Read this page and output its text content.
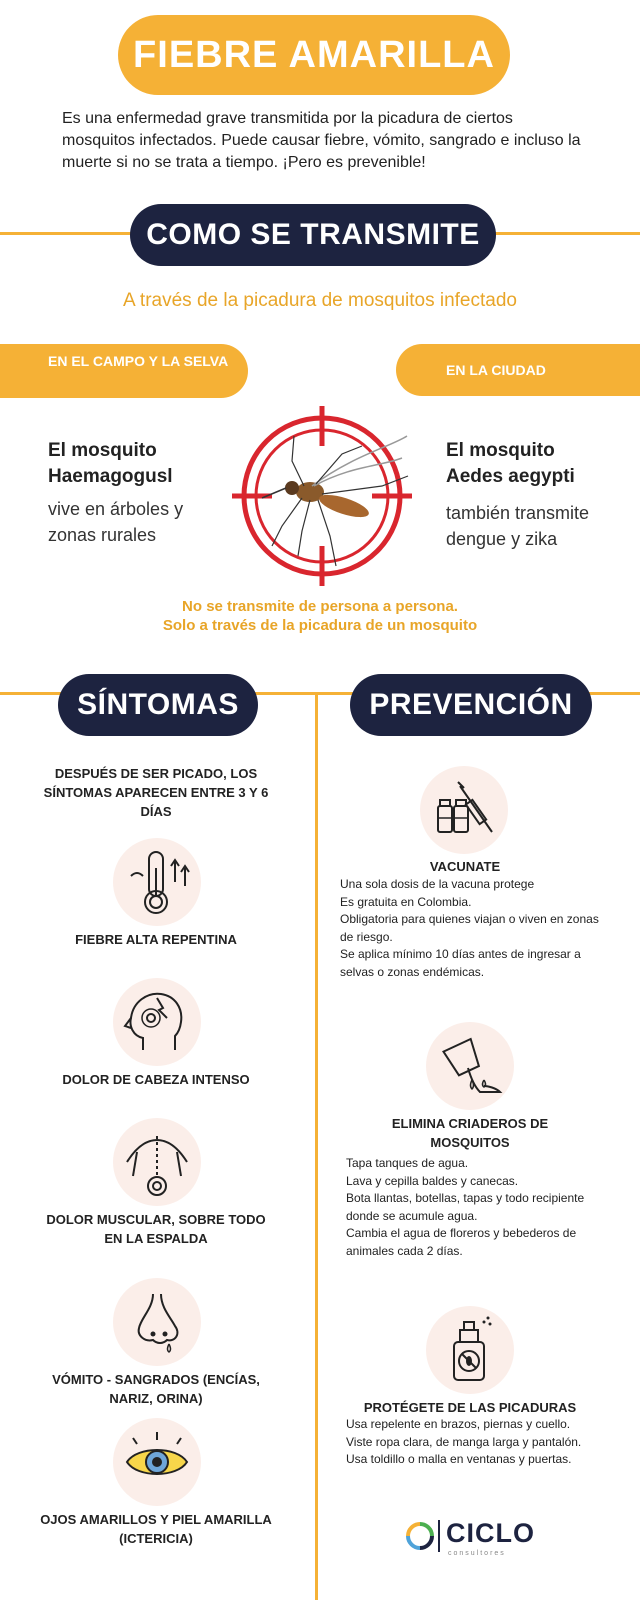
FIEBRE AMARILLA

Es una enfermedad grave transmitida por la picadura de ciertos mosquitos infectados. Puede causar fiebre, vómito, sangrado e incluso la muerte si no se trata a tiempo. ¡Pero es prevenible!

COMO SE TRANSMITE
A través de la picadura de mosquitos infectado
EN EL CAMPO Y LA SELVA
EN LA CIUDAD
El mosquito
Haemagogusl
vive en árboles y zonas rurales
El mosquito
Aedes aegypti
también transmite dengue y zika
No se transmite de persona a persona.
Solo a través de la picadura de un mosquito
SÍNTOMAS	PREVENCIÓN
DESPUÉS DE SER PICADO, LOS SÍNTOMAS APARECEN ENTRE 3 Y 6 DÍAS
FIEBRE ALTA REPENTINA
DOLOR DE CABEZA INTENSO
DOLOR MUSCULAR, SOBRE TODO EN LA ESPALDA
VÓMITO - SANGRADOS (ENCÍAS, NARIZ, ORINA)
OJOS AMARILLOS Y PIEL AMARILLA (ICTERICIA)
VACUNATE
Una sola dosis de la vacuna protege
Es gratuita en Colombia.
Obligatoria para quienes viajan o viven en zonas de riesgo.
Se aplica mínimo 10 días antes de ingresar a selvas o zonas endémicas.
ELIMINA CRIADEROS DE MOSQUITOS
Tapa tanques de agua.
Lava y cepilla baldes y canecas.
Bota llantas, botellas, tapas y todo recipiente donde se acumule agua.
Cambia el agua de floreros y bebederos de animales cada 2 días.
PROTÉGETE DE LAS PICADURAS
Usa repelente en brazos, piernas y cuello.
Viste ropa clara, de manga larga y pantalón.
Usa toldillo o malla en ventanas y puertas.
CICLO
consultores
